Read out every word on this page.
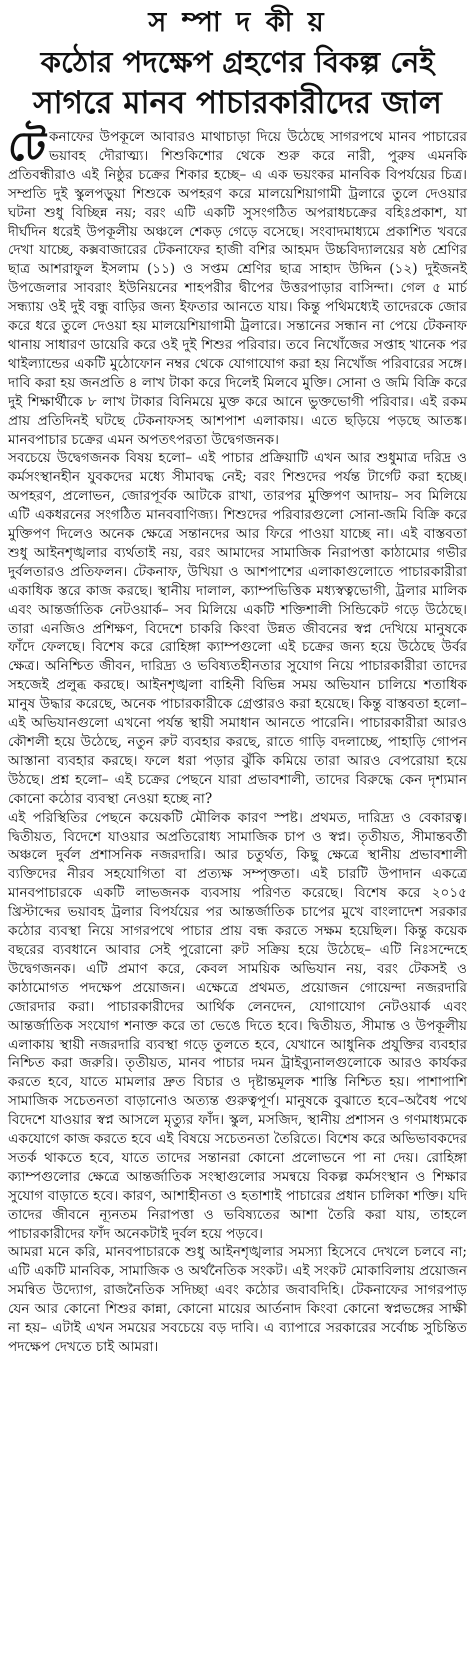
স ম্পা দ কী য়
কঠোর পদক্ষেপ গ্রহণের বিকল্প নেই
সাগরে মানব পাচারকারীদের জাল

টে কনাফের উপকূলে আবারও মাথাচাড়া দিয়ে উঠেছে সাগরপথে মানব পাচারের ভয়াবহ দৌরাত্ম্য। শিশুকিশোর থেকে শুরু করে নারী, পুরুষ এমনকি প্রতিবন্ধীরাও এই নিষ্ঠুর চক্রের শিকার হচ্ছে– এ এক ভয়ংকর মানবিক বিপর্যয়ের চিত্র। সম্প্রতি দুই স্কুলপড়ুয়া শিশুকে অপহরণ করে মালয়েশিয়াগামী ট্রলারে তুলে দেওয়ার ঘটনা শুধু বিচ্ছিন্ন নয়; বরং এটি একটি সুসংগঠিত অপরাধচক্রের বহিঃপ্রকাশ, যা দীর্ঘদিন ধরেই উপকূলীয় অঞ্চলে শেকড় গেড়ে বসেছে। সংবাদমাধ্যমে প্রকাশিত খবরে দেখা যাচ্ছে, কক্সবাজারের টেকনাফের হাজী বশির আহমদ উচ্চবিদ্যালয়ের ষষ্ঠ শ্রেণির ছাত্র আশরাফুল ইসলাম (১১) ও সপ্তম শ্রেণির ছাত্র সাহাদ উদ্দিন (১২) দুইজনই উপজেলার সাবরাং ইউনিয়নের শাহপরীর দ্বীপের উত্তরপাড়ার বাসিন্দা। গেল ৫ মার্চ সন্ধ্যায় ওই দুই বন্ধু বাড়ির জন্য ইফতার আনতে যায়। কিন্তু পথিমধ্যেই তাদেরকে জোর করে ধরে তুলে দেওয়া হয় মালয়েশিয়াগামী ট্রলারে। সন্তানের সন্ধান না পেয়ে টেকনাফ থানায় সাধারণ ডায়েরি করে ওই দুই শিশুর পরিবার। তবে নিখোঁজের সপ্তাহ খানেক পর থাইল্যান্ডের একটি মুঠোফোন নম্বর থেকে যোগাযোগ করা হয় নিখোঁজ পরিবারের সঙ্গে। দাবি করা হয় জনপ্রতি ৪ লাখ টাকা করে দিলেই মিলবে মুক্তি। সোনা ও জমি বিক্রি করে দুই শিক্ষার্থীকে ৮ লাখ টাকার বিনিময়ে মুক্ত করে আনে ভুক্তভোগী পরিবার। এই রকম প্রায় প্রতিদিনই ঘটছে টেকনাফসহ আশপাশ এলাকায়। এতে ছড়িয়ে পড়ছে আতঙ্ক। মানবপাচার চক্রের এমন অপতৎপরতা উদ্বেগজনক।

সবচেয়ে উদ্বেগজনক বিষয় হলো– এই পাচার প্রক্রিয়াটি এখন আর শুধুমাত্র দরিদ্র ও কর্মসংস্থানহীন যুবকদের মধ্যে সীমাবদ্ধ নেই; বরং শিশুদের পর্যন্ত টার্গেট করা হচ্ছে। অপহরণ, প্রলোভন, জোরপূর্বক আটকে রাখা, তারপর মুক্তিপণ আদায়– সব মিলিয়ে এটি একধরনের সংগঠিত মানববাণিজ্য। শিশুদের পরিবারগুলো সোনা-জমি বিক্রি করে মুক্তিপণ দিলেও অনেক ক্ষেত্রে সন্তানদের আর ফিরে পাওয়া যাচ্ছে না। এই বাস্তবতা শুধু আইনশৃঙ্খলার ব্যর্থতাই নয়, বরং আমাদের সামাজিক নিরাপত্তা কাঠামোর গভীর দুর্বলতারও প্রতিফলন। টেকনাফ, উখিয়া ও আশপাশের এলাকাগুলোতে পাচারকারীরা একাধিক স্তরে কাজ করছে। স্থানীয় দালাল, ক্যাম্পভিত্তিক মধ্যস্বত্বভোগী, ট্রলার মালিক এবং আন্তর্জাতিক নেটওয়ার্ক– সব মিলিয়ে একটি শক্তিশালী সিন্ডিকেট গড়ে উঠেছে। তারা এনজিও প্রশিক্ষণ, বিদেশে চাকরি কিংবা উন্নত জীবনের স্বপ্ন দেখিয়ে মানুষকে ফাঁদে ফেলছে। বিশেষ করে রোহিঙ্গা ক্যাম্পগুলো এই চক্রের জন্য হয়ে উঠেছে উর্বর ক্ষেত্র। অনিশ্চিত জীবন, দারিদ্র্য ও ভবিষ্যতহীনতার সুযোগ নিয়ে পাচারকারীরা তাদের সহজেই প্রলুব্ধ করছে। আইনশৃঙ্খলা বাহিনী বিভিন্ন সময় অভিযান চালিয়ে শতাধিক মানুষ উদ্ধার করেছে, অনেক পাচারকারীকে গ্রেপ্তারও করা হয়েছে। কিন্তু বাস্তবতা হলো– এই অভিযানগুলো এখনো পর্যন্ত স্থায়ী সমাধান আনতে পারেনি। পাচারকারীরা আরও কৌশলী হয়ে উঠেছে, নতুন রুট ব্যবহার করছে, রাতে গাড়ি বদলাচ্ছে, পাহাড়ি গোপন আস্তানা ব্যবহার করছে। ফলে ধরা পড়ার ঝুঁকি কমিয়ে তারা আরও বেপরোয়া হয়ে উঠছে। প্রশ্ন হলো– এই চক্রের পেছনে যারা প্রভাবশালী, তাদের বিরুদ্ধে কেন দৃশ্যমান কোনো কঠোর ব্যবস্থা নেওয়া হচ্ছে না?

এই পরিস্থিতির পেছনে কয়েকটি মৌলিক কারণ স্পষ্ট। প্রথমত, দারিদ্র্য ও বেকারত্ব। দ্বিতীয়ত, বিদেশে যাওয়ার অপ্রতিরোধ্য সামাজিক চাপ ও স্বপ্ন। তৃতীয়ত, সীমান্তবর্তী অঞ্চলে দুর্বল প্রশাসনিক নজরদারি। আর চতুর্থত, কিছু ক্ষেত্রে স্থানীয় প্রভাবশালী ব্যক্তিদের নীরব সহযোগিতা বা প্রত্যক্ষ সম্পৃক্ততা। এই চারটি উপাদান একত্রে মানবপাচারকে একটি লাভজনক ব্যবসায় পরিণত করেছে। বিশেষ করে ২০১৫ খ্রিস্টাব্দের ভয়াবহ ট্রলার বিপর্যয়ের পর আন্তর্জাতিক চাপের মুখে বাংলাদেশ সরকার কঠোর ব্যবস্থা নিয়ে সাগরপথে পাচার প্রায় বন্ধ করতে সক্ষম হয়েছিল। কিন্তু কয়েক বছরের ব্যবধানে আবার সেই পুরোনো রুট সক্রিয় হয়ে উঠেছে– এটি নিঃসন্দেহে উদ্বেগজনক। এটি প্রমাণ করে, কেবল সাময়িক অভিযান নয়, বরং টেকসই ও কাঠামোগত পদক্ষেপ প্রয়োজন। এক্ষেত্রে প্রথমত, প্রয়োজন গোয়েন্দা নজরদারি জোরদার করা। পাচারকারীদের আর্থিক লেনদেন, যোগাযোগ নেটওয়ার্ক এবং আন্তর্জাতিক সংযোগ শনাক্ত করে তা ভেঙে দিতে হবে। দ্বিতীয়ত, সীমান্ত ও উপকূলীয় এলাকায় স্থায়ী নজরদারি ব্যবস্থা গড়ে তুলতে হবে, যেখানে আধুনিক প্রযুক্তির ব্যবহার নিশ্চিত করা জরুরি। তৃতীয়ত, মানব পাচার দমন ট্রাইব্যুনালগুলোকে আরও কার্যকর করতে হবে, যাতে মামলার দ্রুত বিচার ও দৃষ্টান্তমূলক শাস্তি নিশ্চিত হয়। পাশাপাশি সামাজিক সচেতনতা বাড়ানোও অত্যন্ত গুরুত্বপূর্ণ। মানুষকে বুঝাতে হবে–অবৈধ পথে বিদেশে যাওয়ার স্বপ্ন আসলে মৃত্যুর ফাঁদ। স্কুল, মসজিদ, স্থানীয় প্রশাসন ও গণমাধ্যমকে একযোগে কাজ করতে হবে এই বিষয়ে সচেতনতা তৈরিতে। বিশেষ করে অভিভাবকদের সতর্ক থাকতে হবে, যাতে তাদের সন্তানরা কোনো প্রলোভনে পা না দেয়। রোহিঙ্গা ক্যাম্পগুলোর ক্ষেত্রে আন্তর্জাতিক সংস্থাগুলোর সমন্বয়ে বিকল্প কর্মসংস্থান ও শিক্ষার সুযোগ বাড়াতে হবে। কারণ, আশাহীনতা ও হতাশাই পাচারের প্রধান চালিকা শক্তি। যদি তাদের জীবনে ন্যূনতম নিরাপত্তা ও ভবিষ্যতের আশা তৈরি করা যায়, তাহলে পাচারকারীদের ফাঁদ অনেকটাই দুর্বল হয়ে পড়বে।

আমরা মনে করি, মানবপাচারকে শুধু আইনশৃঙ্খলার সমস্যা হিসেবে দেখলে চলবে না; এটি একটি মানবিক, সামাজিক ও অর্থনৈতিক সংকট। এই সংকট মোকাবিলায় প্রয়োজন সমন্বিত উদ্যোগ, রাজনৈতিক সদিচ্ছা এবং কঠোর জবাবদিহি। টেকনাফের সাগরপাড় যেন আর কোনো শিশুর কান্না, কোনো মায়ের আর্তনাদ কিংবা কোনো স্বপ্নভঙ্গের সাক্ষী না হয়– এটাই এখন সময়ের সবচেয়ে বড় দাবি। এ ব্যাপারে সরকারের সর্বোচ্চ সুচিন্তিত পদক্ষেপ দেখতে চাই আমরা।
